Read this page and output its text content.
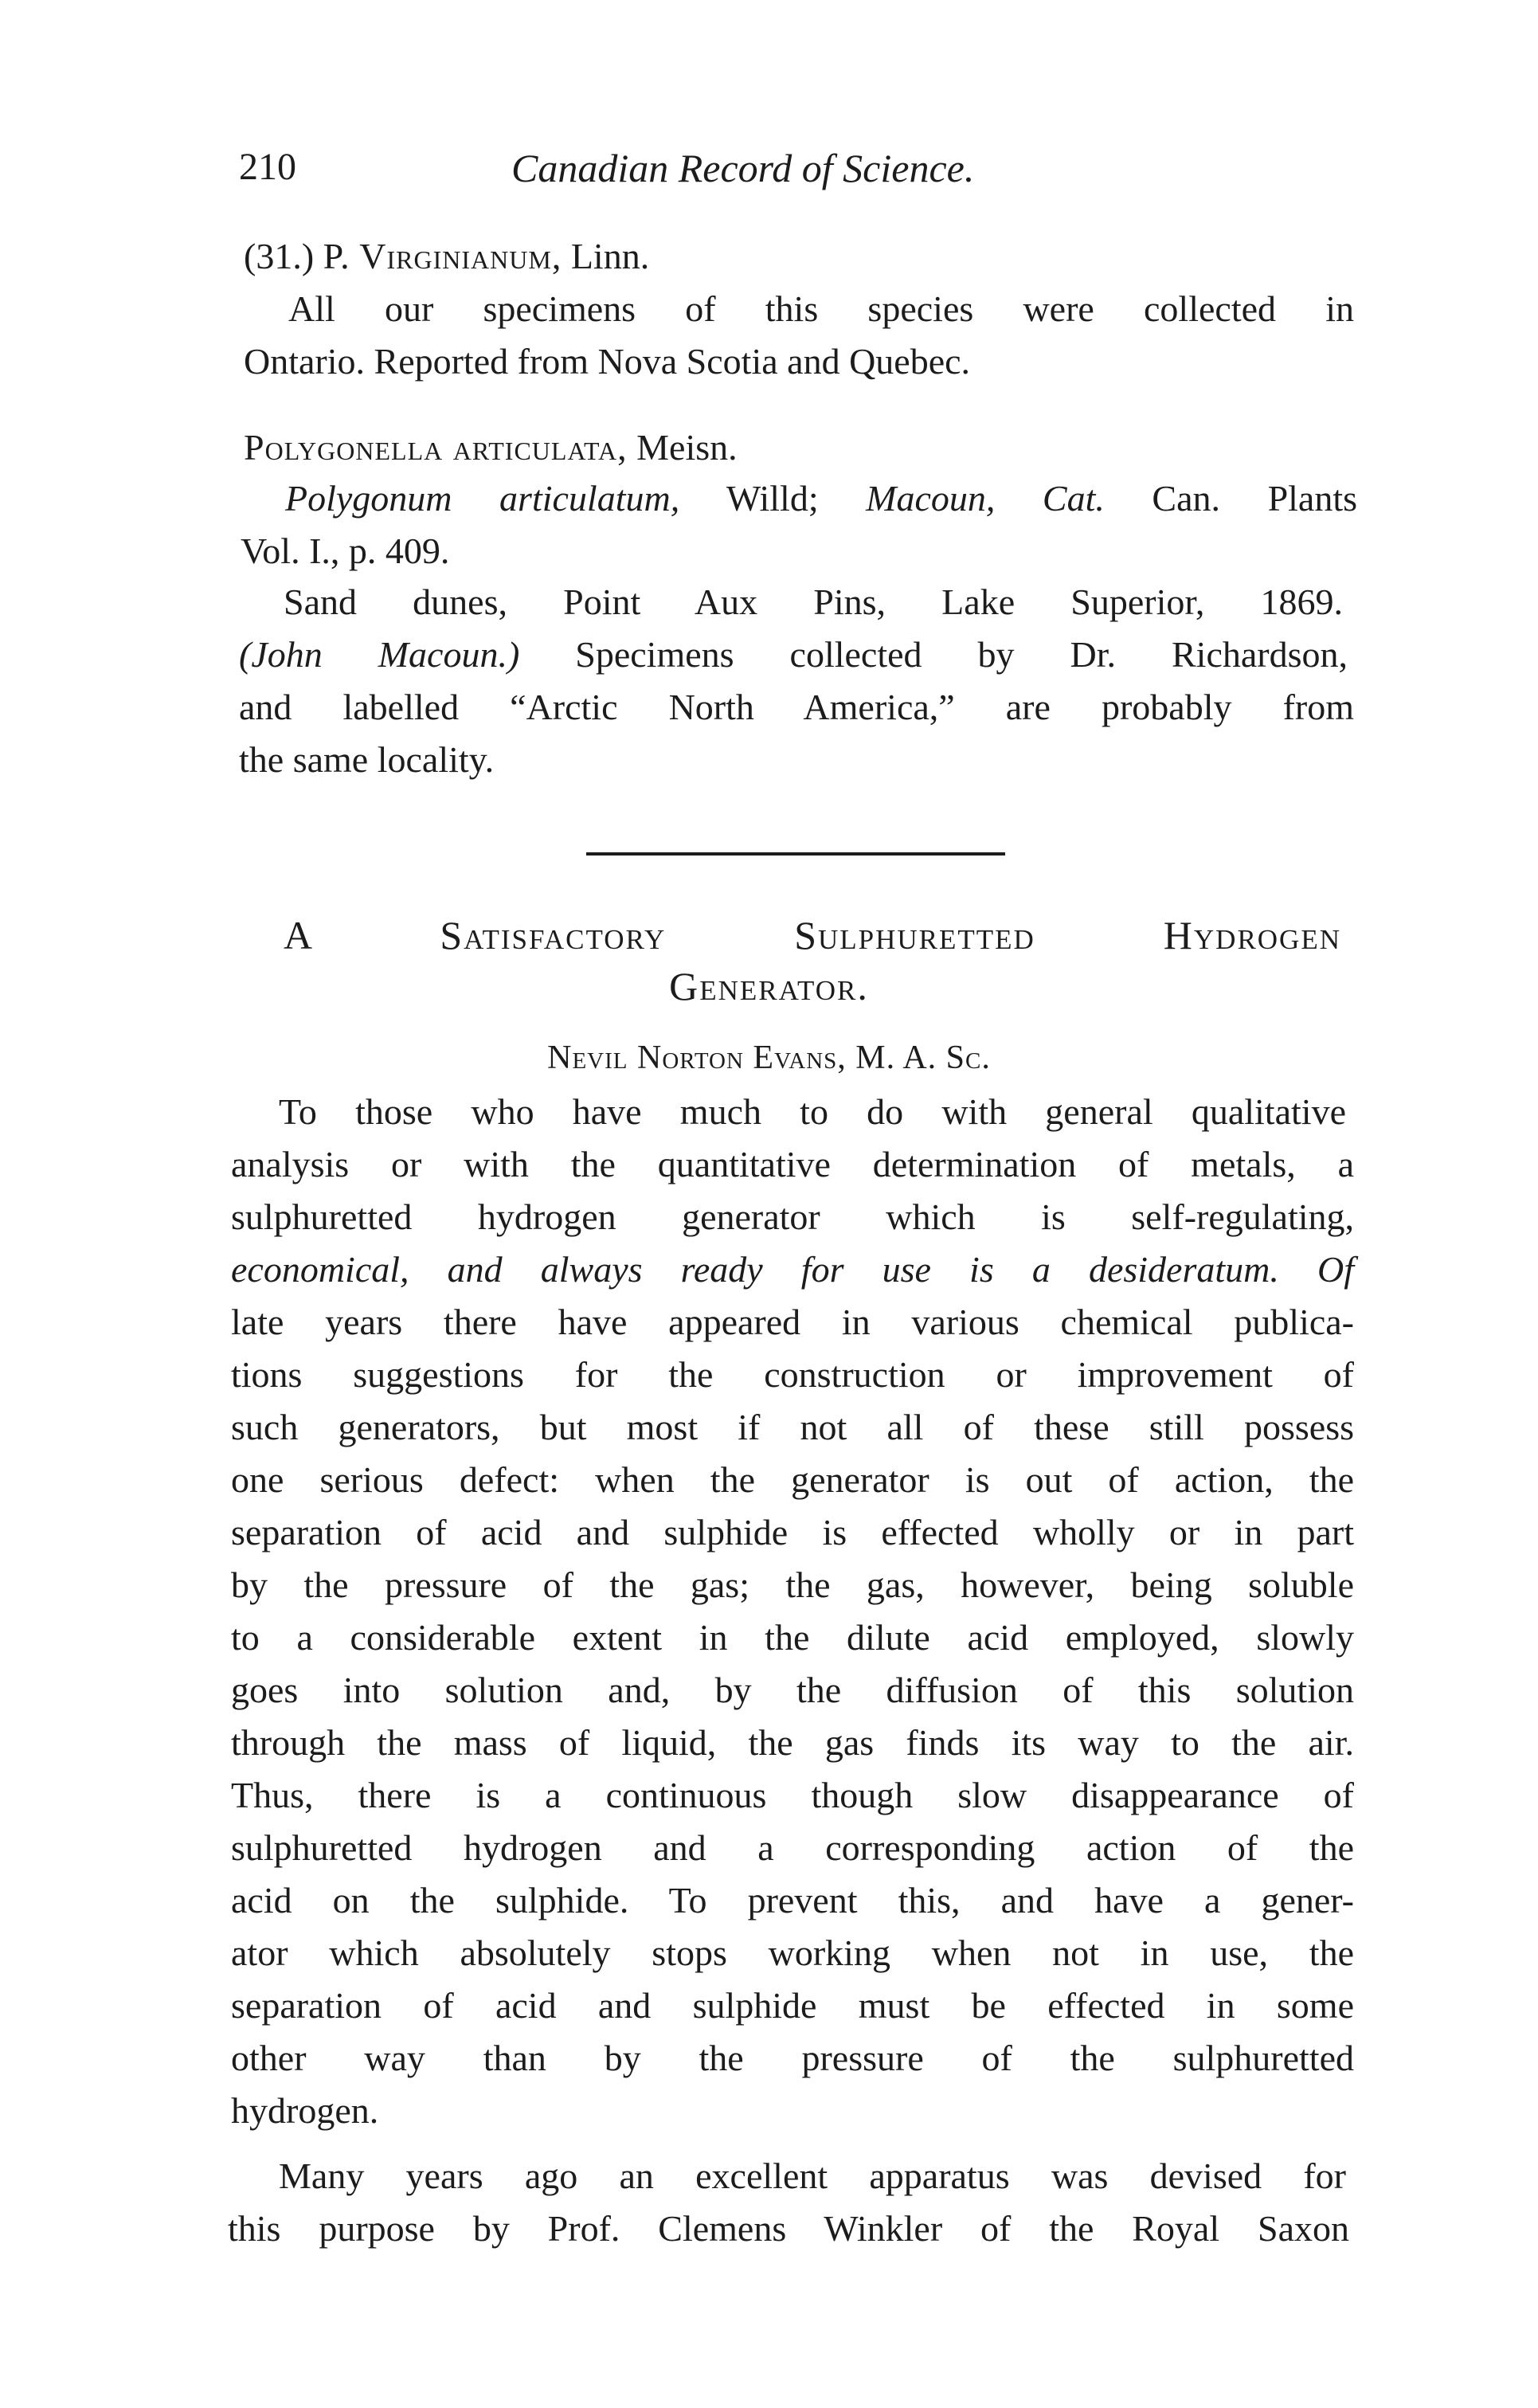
210	Canadian Record of Science.
(31.) P. Virginianum, Linn.
All our specimens of this species were collected in
Ontario. Reported from Nova Scotia and Quebec.
Polygonella articulata, Meisn.
Polygonum articulatum, Willd; Macoun, Cat. Can. Plants
Vol. I., p. 409.
Sand dunes, Point Aux Pins, Lake Superior, 1869.
(John Macoun.) Specimens collected by Dr. Richardson,
and labelled “Arctic North America,” are probably from
the same locality.
A Satisfactory Sulphuretted Hydrogen
Generator.
Nevil Norton Evans, M. A. Sc.
To those who have much to do with general qualitative
analysis or with the quantitative determination of metals, a
sulphuretted hydrogen generator which is self-regulating,
economical, and always ready for use is a desideratum. Of
late years there have appeared in various chemical publica-
tions suggestions for the construction or improvement of
such generators, but most if not all of these still possess
one serious defect: when the generator is out of action, the
separation of acid and sulphide is effected wholly or in part
by the pressure of the gas; the gas, however, being soluble
to a considerable extent in the dilute acid employed, slowly
goes into solution and, by the diffusion of this solution
through the mass of liquid, the gas finds its way to the air.
Thus, there is a continuous though slow disappearance of
sulphuretted hydrogen and a corresponding action of the
acid on the sulphide. To prevent this, and have a gener-
ator which absolutely stops working when not in use, the
separation of acid and sulphide must be effected in some
other way than by the pressure of the sulphuretted
hydrogen.
Many years ago an excellent apparatus was devised for
this purpose by Prof. Clemens Winkler of the Royal Saxon
